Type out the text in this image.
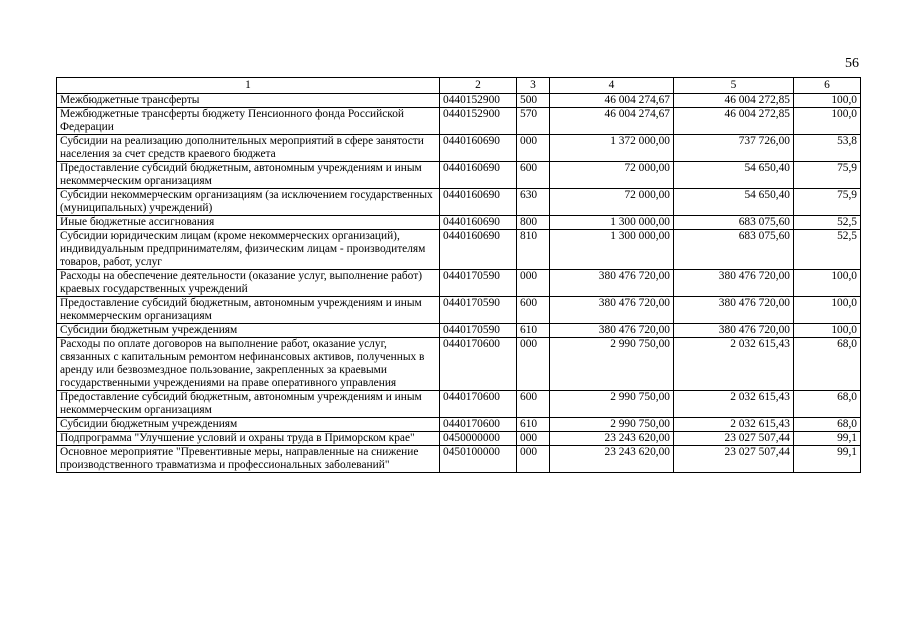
56
1	2	3	4	5	6
Межбюджетные трансферты	0440152900	500	46 004 274,67	46 004 272,85	100,0
Межбюджетные трансферты бюджету Пенсионного фонда Российской Федерации	0440152900	570	46 004 274,67	46 004 272,85	100,0
Субсидии на реализацию дополнительных мероприятий в сфере занятости населения за счет средств краевого бюджета	0440160690	000	1 372 000,00	737 726,00	53,8
Предоставление субсидий бюджетным, автономным учреждениям и иным некоммерческим организациям	0440160690	600	72 000,00	54 650,40	75,9
Субсидии некоммерческим организациям (за исключением государственных (муниципальных) учреждений)	0440160690	630	72 000,00	54 650,40	75,9
Иные бюджетные ассигнования	0440160690	800	1 300 000,00	683 075,60	52,5
Субсидии юридическим лицам (кроме некоммерческих организаций), индивидуальным предпринимателям, физическим лицам - производителям товаров, работ, услуг	0440160690	810	1 300 000,00	683 075,60	52,5
Расходы на обеспечение деятельности (оказание услуг, выполнение работ) краевых государственных учреждений	0440170590	000	380 476 720,00	380 476 720,00	100,0
Предоставление субсидий бюджетным, автономным учреждениям и иным некоммерческим организациям	0440170590	600	380 476 720,00	380 476 720,00	100,0
Субсидии бюджетным учреждениям	0440170590	610	380 476 720,00	380 476 720,00	100,0
Расходы по оплате договоров на выполнение работ, оказание услуг, связанных с капитальным ремонтом нефинансовых активов, полученных в аренду или безвозмездное пользование, закрепленных за краевыми государственными учреждениями на праве оперативного управления	0440170600	000	2 990 750,00	2 032 615,43	68,0
Предоставление субсидий бюджетным, автономным учреждениям и иным некоммерческим организациям	0440170600	600	2 990 750,00	2 032 615,43	68,0
Субсидии бюджетным учреждениям	0440170600	610	2 990 750,00	2 032 615,43	68,0
Подпрограмма "Улучшение условий и охраны труда в Приморском крае"	0450000000	000	23 243 620,00	23 027 507,44	99,1
Основное мероприятие "Превентивные меры, направленные на снижение производственного травматизма и профессиональных заболеваний"	0450100000	000	23 243 620,00	23 027 507,44	99,1
